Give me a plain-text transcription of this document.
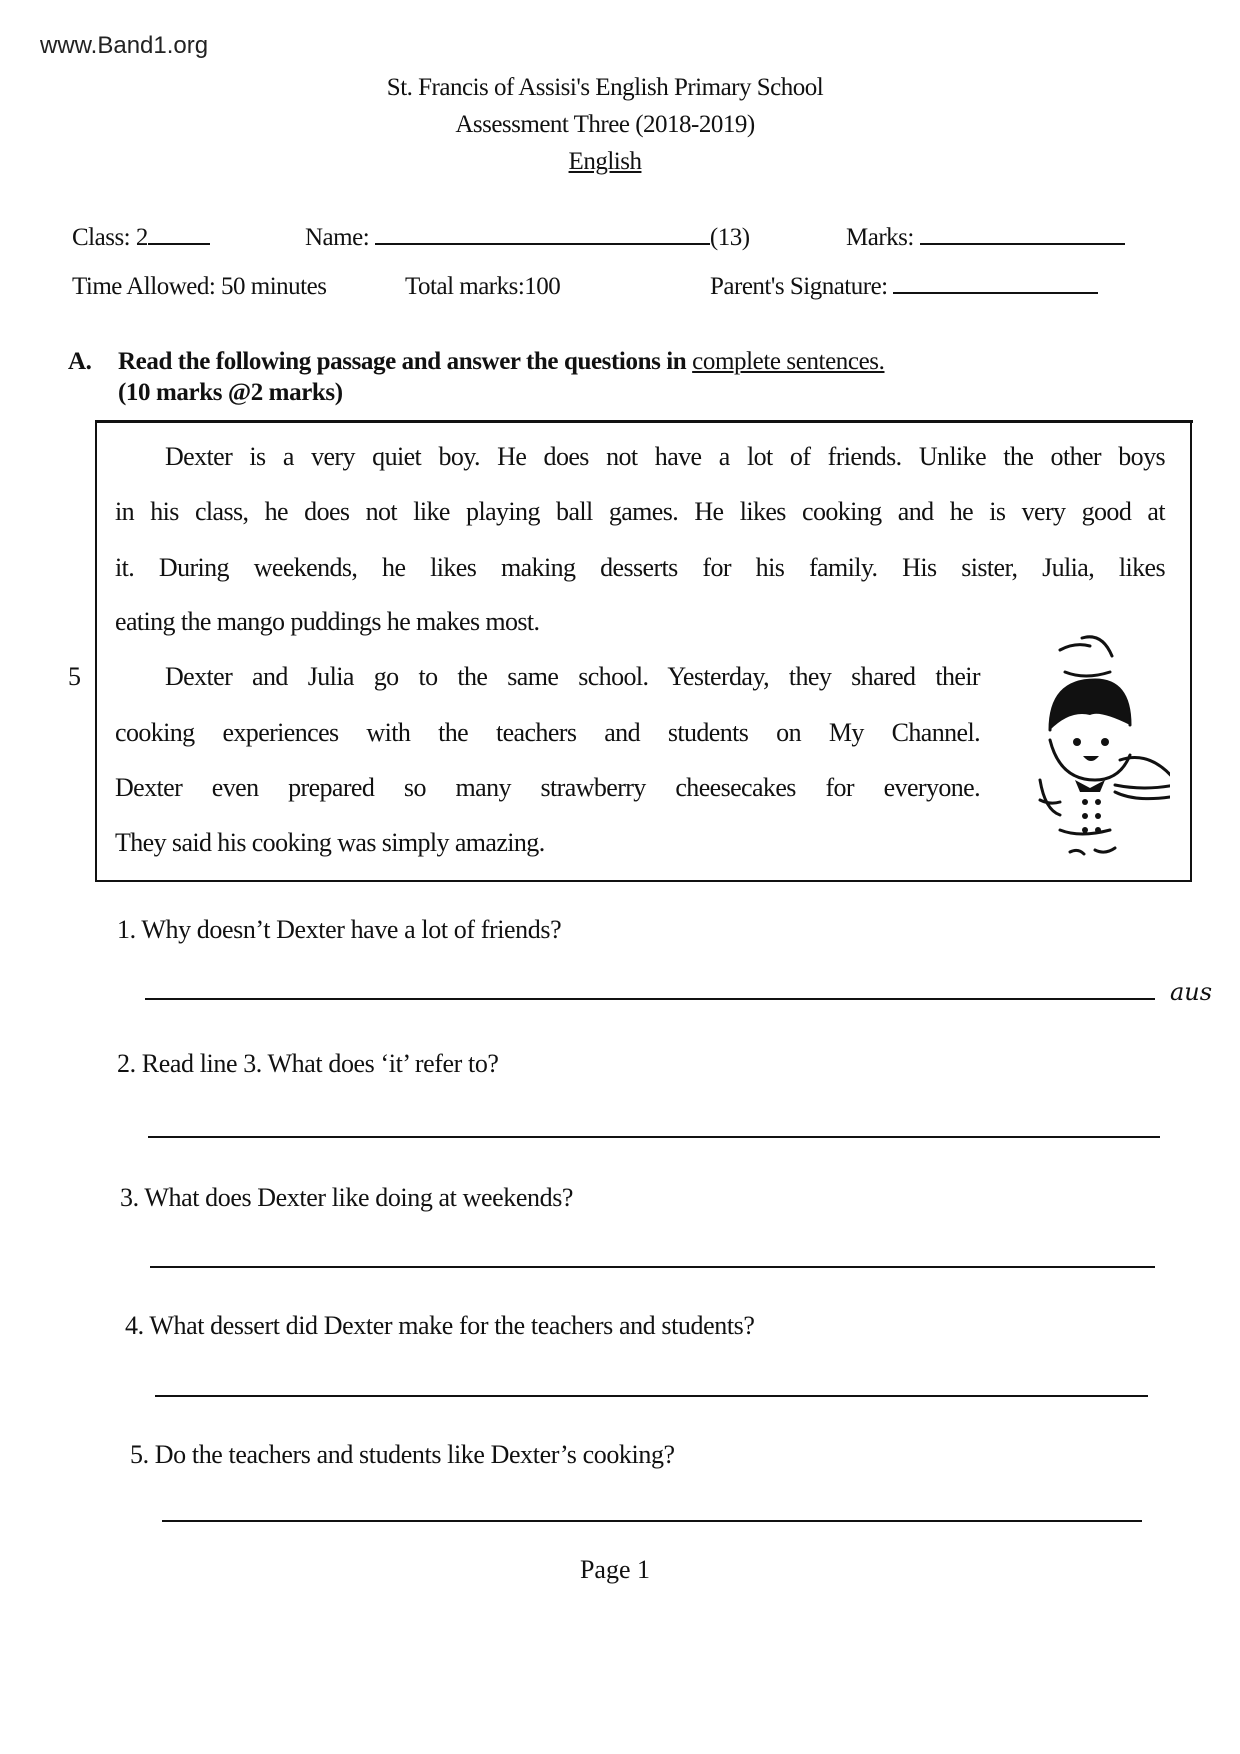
www.Band1.org
St. Francis of Assisi's English Primary School
Assessment Three (2018-2019)
English
Class: 2	Name:	(13)	Marks:
Time Allowed: 50 minutes	Total marks:100	Parent's Signature:
A. Read the following passage and answer the questions in complete sentences.
(10 marks @2 marks)
Dexter is a very quiet boy. He does not have a lot of friends. Unlike the other boys
in his class, he does not like playing ball games. He likes cooking and he is very good at
it. During weekends, he likes making desserts for his family. His sister, Julia, likes
eating the mango puddings he makes most.
5	Dexter and Julia go to the same school. Yesterday, they shared their
cooking experiences with the teachers and students on My Channel.
Dexter even prepared so many strawberry cheesecakes for everyone.
They said his cooking was simply amazing.
1. Why doesn’t Dexter have a lot of friends?
aus
2. Read line 3. What does ‘it’ refer to?
3. What does Dexter like doing at weekends?
4. What dessert did Dexter make for the teachers and students?
5. Do the teachers and students like Dexter’s cooking?
Page 1
